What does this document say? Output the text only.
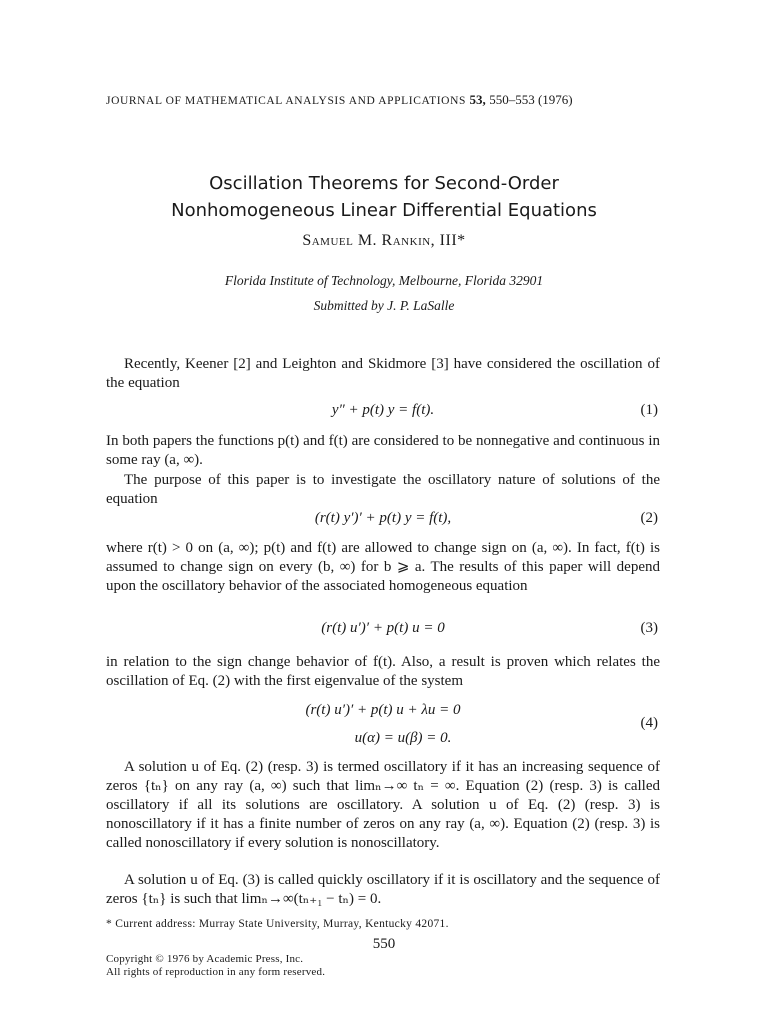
JOURNAL OF MATHEMATICAL ANALYSIS AND APPLICATIONS 53, 550–553 (1976)
Oscillation Theorems for Second-Order
Nonhomogeneous Linear Differential Equations
Samuel M. Rankin, III*
Florida Institute of Technology, Melbourne, Florida 32901
Submitted by J. P. LaSalle
Recently, Keener [2] and Leighton and Skidmore [3] have considered the oscillation of the equation
y″ + p(t) y = f(t).	(1)
In both papers the functions p(t) and f(t) are considered to be nonnegative and continuous in some ray (a, ∞).
The purpose of this paper is to investigate the oscillatory nature of solutions of the equation
(r(t) y′)′ + p(t) y = f(t),	(2)
where r(t) > 0 on (a, ∞); p(t) and f(t) are allowed to change sign on (a, ∞). In fact, f(t) is assumed to change sign on every (b, ∞) for b ⩾ a. The results of this paper will depend upon the oscillatory behavior of the associated homogeneous equation
(r(t) u′)′ + p(t) u = 0	(3)
in relation to the sign change behavior of f(t). Also, a result is proven which relates the oscillation of Eq. (2) with the first eigenvalue of the system
(r(t) u′)′ + p(t) u + λu = 0
(4)
u(α) = u(β) = 0.
A solution u of Eq. (2) (resp. 3) is termed oscillatory if it has an increasing sequence of zeros {tₙ} on any ray (a, ∞) such that limₙ→∞ tₙ = ∞. Equation (2) (resp. 3) is called oscillatory if all its solutions are oscillatory. A solution u of Eq. (2) (resp. 3) is nonoscillatory if it has a finite number of zeros on any ray (a, ∞). Equation (2) (resp. 3) is called nonoscillatory if every solution is nonoscillatory.
A solution u of Eq. (3) is called quickly oscillatory if it is oscillatory and the sequence of zeros {tₙ} is such that limₙ→∞(tₙ₊₁ − tₙ) = 0.
* Current address: Murray State University, Murray, Kentucky 42071.
550
Copyright © 1976 by Academic Press, Inc.
All rights of reproduction in any form reserved.
